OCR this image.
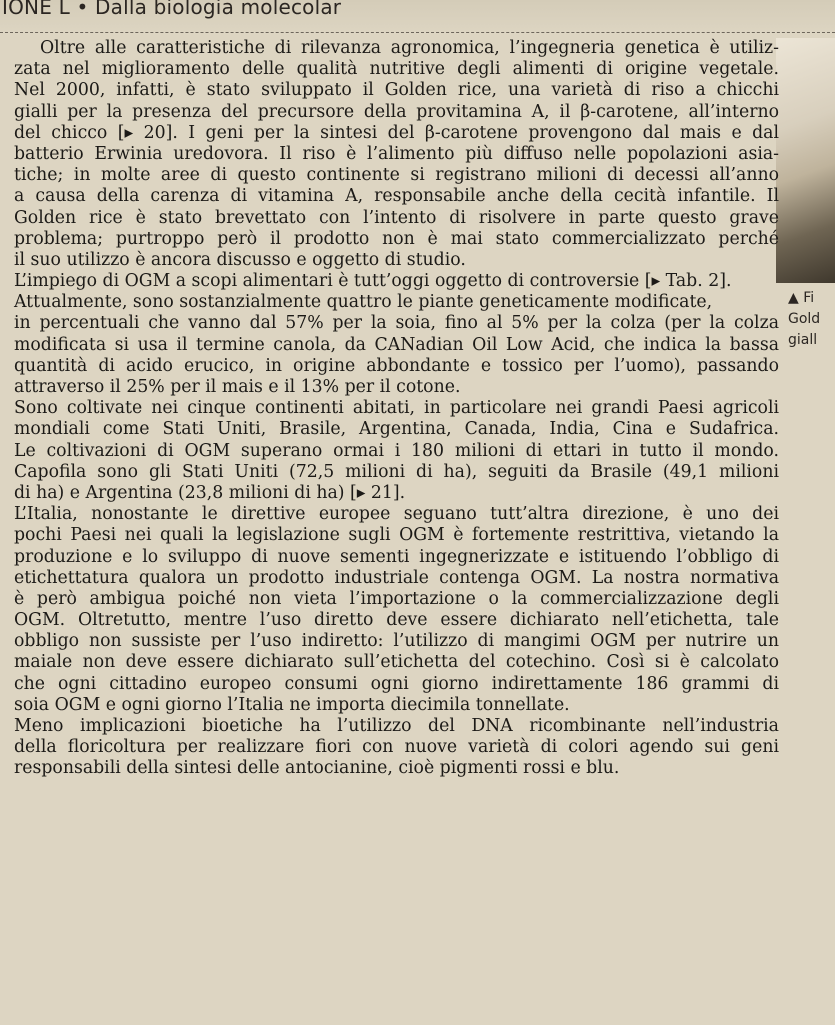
IONE L • Dalla biologia molecolar
▲ Fi
Gold
giall
Oltre alle caratteristiche di rilevanza agronomica, l’ingegneria genetica è utiliz-
zata nel miglioramento delle qualità nutritive degli alimenti di origine vegetale.
Nel 2000, infatti, è stato sviluppato il Golden rice, una varietà di riso a chicchi
gialli per la presenza del precursore della provitamina A, il β-carotene, all’interno
del chicco [▸ 20]. I geni per la sintesi del β-carotene provengono dal mais e dal
batterio Erwinia uredovora. Il riso è l’alimento più diffuso nelle popolazioni asia-
tiche; in molte aree di questo continente si registrano milioni di decessi all’anno
a causa della carenza di vitamina A, responsabile anche della cecità infantile. Il
Golden rice è stato brevettato con l’intento di risolvere in parte questo grave
problema; purtroppo però il prodotto non è mai stato commercializzato perché
il suo utilizzo è ancora discusso e oggetto di studio.
L’impiego di OGM a scopi alimentari è tutt’oggi oggetto di controversie [▸ Tab. 2].
Attualmente, sono sostanzialmente quattro le piante geneticamente modificate,
in percentuali che vanno dal 57% per la soia, fino al 5% per la colza (per la colza
modificata si usa il termine canola, da CANadian Oil Low Acid, che indica la bassa
quantità di acido erucico, in origine abbondante e tossico per l’uomo), passando
attraverso il 25% per il mais e il 13% per il cotone.
Sono coltivate nei cinque continenti abitati, in particolare nei grandi Paesi agricoli
mondiali come Stati Uniti, Brasile, Argentina, Canada, India, Cina e Sudafrica.
Le coltivazioni di OGM superano ormai i 180 milioni di ettari in tutto il mondo.
Capofila sono gli Stati Uniti (72,5 milioni di ha), seguiti da Brasile (49,1 milioni
di ha) e Argentina (23,8 milioni di ha) [▸ 21].
L’Italia, nonostante le direttive europee seguano tutt’altra direzione, è uno dei
pochi Paesi nei quali la legislazione sugli OGM è fortemente restrittiva, vietando la
produzione e lo sviluppo di nuove sementi ingegnerizzate e istituendo l’obbligo di
etichettatura qualora un prodotto industriale contenga OGM. La nostra normativa
è però ambigua poiché non vieta l’importazione o la commercializzazione degli
OGM. Oltretutto, mentre l’uso diretto deve essere dichiarato nell’etichetta, tale
obbligo non sussiste per l’uso indiretto: l’utilizzo di mangimi OGM per nutrire un
maiale non deve essere dichiarato sull’etichetta del cotechino. Così si è calcolato
che ogni cittadino europeo consumi ogni giorno indirettamente 186 grammi di
soia OGM e ogni giorno l’Italia ne importa diecimila tonnellate.
Meno implicazioni bioetiche ha l’utilizzo del DNA ricombinante nell’industria
della floricoltura per realizzare fiori con nuove varietà di colori agendo sui geni
responsabili della sintesi delle antocianine, cioè pigmenti rossi e blu.
